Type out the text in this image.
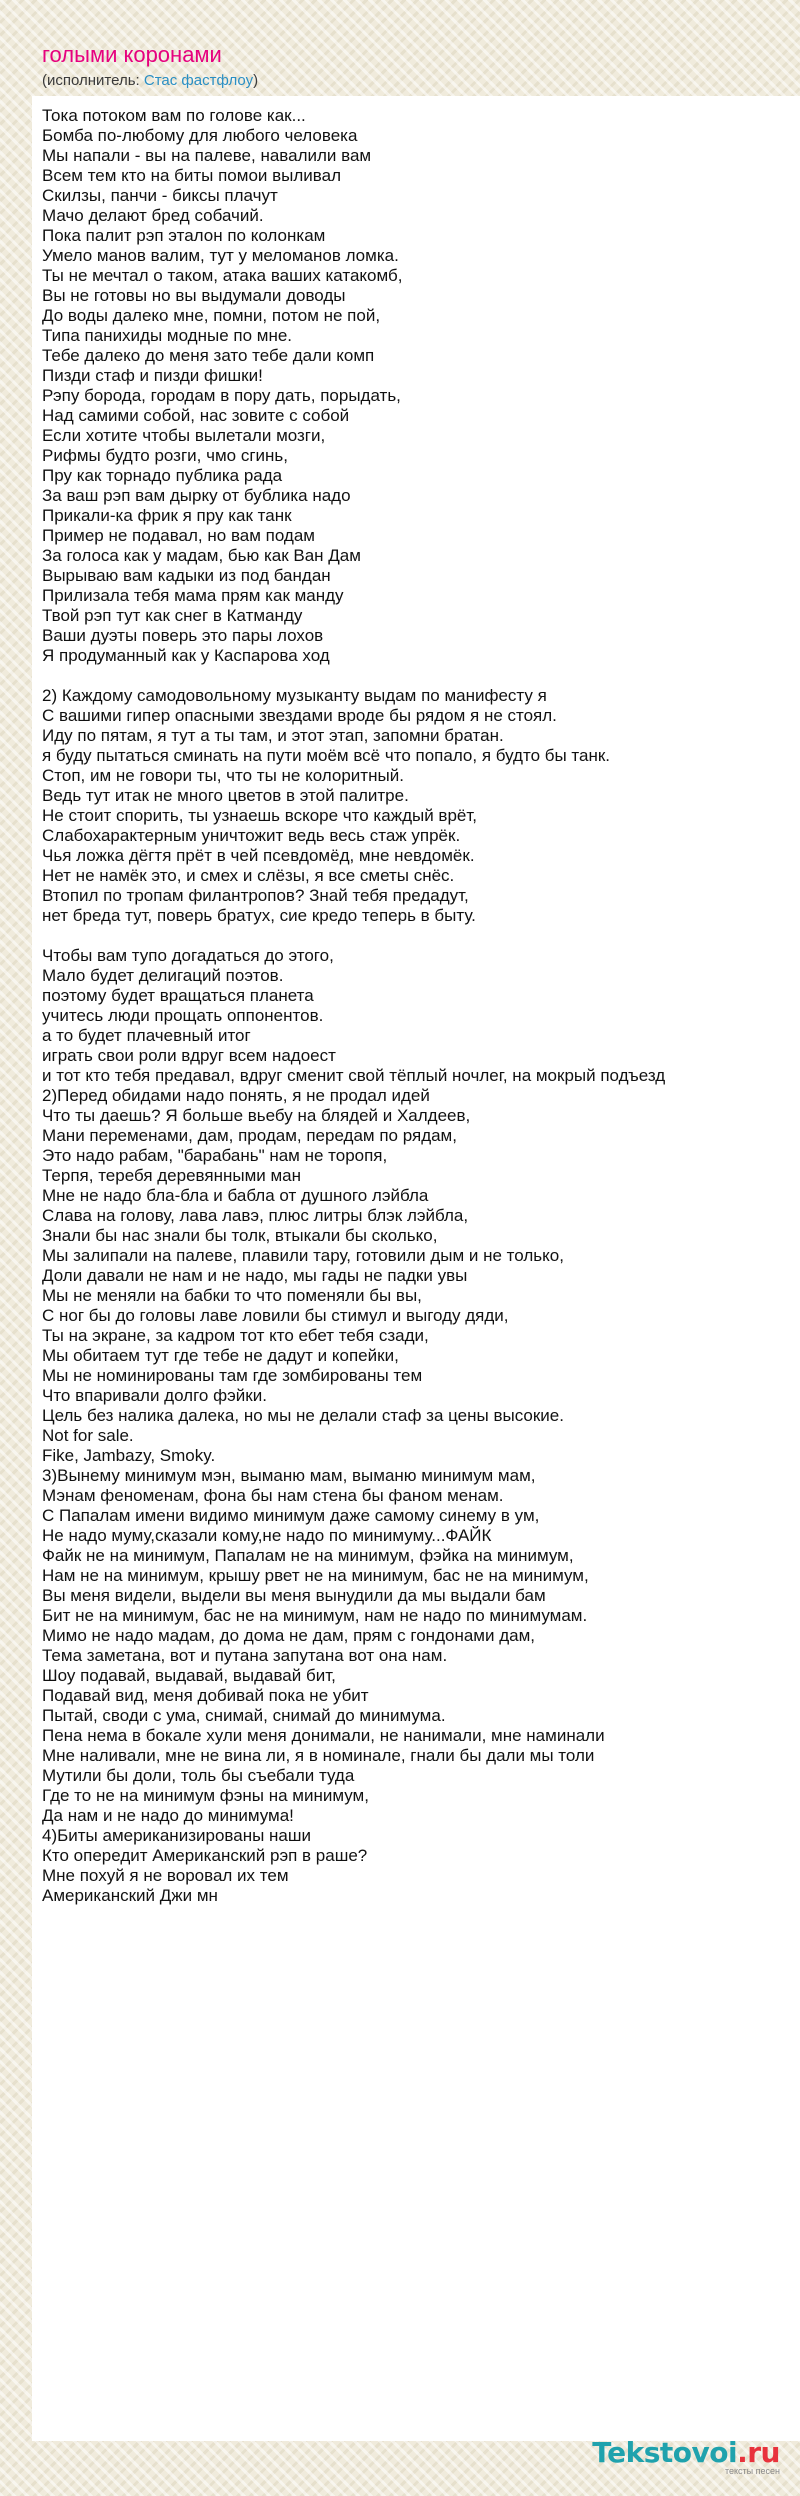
голыми коронами
(исполнитель: Стас фастфлоу)
Тока потоком вам по голове как...
Бомба по-любому для любого человека
Мы напали - вы на палеве, навалили вам
Всем тем кто на биты помои выливал
Скилзы, панчи - биксы плачут
Мачо делают бред собачий.
Пока палит рэп эталон по колонкам
Умело манов валим, тут у меломанов ломка.
Ты не мечтал о таком, атака ваших катакомб,
Вы не готовы но вы выдумали доводы
До воды далеко мне, помни, потом не пой,
Типа панихиды модные по мне.
Тебе далеко до меня зато тебе дали комп
Пизди стаф и пизди фишки!
Рэпу борода, городам в пору дать, порыдать,
Над самими собой, нас зовите с собой
Если хотите чтобы вылетали мозги,
Рифмы будто розги, чмо сгинь,
Пру как торнадо публика рада
За ваш рэп вам дырку от бублика надо
Прикали-ка фрик я пру как танк
Пример не подавал, но вам подам
За голоса как у мадам, бью как Ван Дам
Вырываю вам кадыки из под бандан
Прилизала тебя мама прям как манду
Твой рэп тут как снег в Катманду
Ваши дуэты поверь это пары лохов
Я продуманный как у Каспарова ход

2) Каждому самодовольному музыканту выдам по манифесту я
С вашими гипер опасными звездами вроде бы рядом я не стоял.
Иду по пятам, я тут а ты там, и этот этап, запомни братан.
я буду пытаться сминать на пути моём всё что попало, я будто бы танк.
Стоп, им не говори ты, что ты не колоритный.
Ведь тут итак не много цветов в этой палитре.
Не стоит спорить, ты узнаешь вскоре что каждый врёт,
Слабохарактерным уничтожит ведь весь стаж упрёк.
Чья ложка дёгтя прёт в чей псевдомёд, мне невдомёк.
Нет не намёк это, и смех и слёзы, я все сметы снёс.
Втопил по тропам филантропов? Знай тебя предадут,
нет бреда тут, поверь братух, сие кредо теперь в быту.

Чтобы вам тупо догадаться до этого,
Мало будет делигаций поэтов.
поэтому будет вращаться планета
учитесь люди прощать оппонентов.
а то будет плачевный итог
играть свои роли вдруг всем надоест
и тот кто тебя предавал, вдруг сменит свой тёплый ночлег, на мокрый подъезд
2)Перед обидами надо понять, я не продал идей
Что ты даешь? Я больше вьебу на блядей и Халдеев,
Мани переменами, дам, продам, передам по рядам,
Это надо рабам, "барабань" нам не торопя,
Терпя, теребя деревянными ман
Мне не надо бла-бла и бабла от душного лэйбла
Слава на голову, лава лавэ, плюс литры блэк лэйбла,
Знали бы нас знали бы толк, втыкали бы сколько,
Мы залипали на палеве, плавили тару, готовили дым и не только,
Доли давали не нам и не надо, мы гады не падки увы
Мы не меняли на бабки то что поменяли бы вы,
С ног бы до головы лаве ловили бы стимул и выгоду дяди,
Ты на экране, за кадром тот кто ебет тебя сзади,
Мы обитаем тут где тебе не дадут и копейки,
Мы не номинированы там где зомбированы тем
Что впаривали долго фэйки.
Цель без налика далека, но мы не делали стаф за цены высокие.
Not for sale.
Fike, Jambazy, Smoky.
3)Вынему минимум мэн, выманю мам, выманю минимум мам,
Мэнам феноменам, фона бы нам стена бы фаном менам.
С Папалам имени видимо минимум даже самому синему в ум,
Не надо муму,сказали кому,не надо по минимуму...ФАЙК
Файк не на минимум, Папалам не на минимум, фэйка на минимум,
Нам не на минимум, крышу рвет не на минимум, бас не на минимум,
Вы меня видели, выдели вы меня вынудили да мы выдали бам
Бит не на минимум, бас не на минимум, нам не надо по минимумам.
Мимо не надо мадам, до дома не дам, прям с гондонами дам,
Тема заметана, вот и путана запутана вот она нам.
Шоу подавай, выдавай, выдавай бит,
Подавай вид, меня добивай пока не убит
Пытай, своди с ума, снимай, снимай до минимума.
Пена нема в бокале хули меня донимали, не нанимали, мне наминали
Мне наливали, мне не вина ли, я в номинале, гнали бы дали мы толи
Мутили бы доли, толь бы съебали туда
Где то не на минимум фэны на минимум,
Да нам и не надо до минимума!
4)Биты американизированы наши
Кто опередит Американский рэп в раше?
Мне похуй я не воровал их тем
Американский Джи мн
Tekstovoi.ru
тексты песен
